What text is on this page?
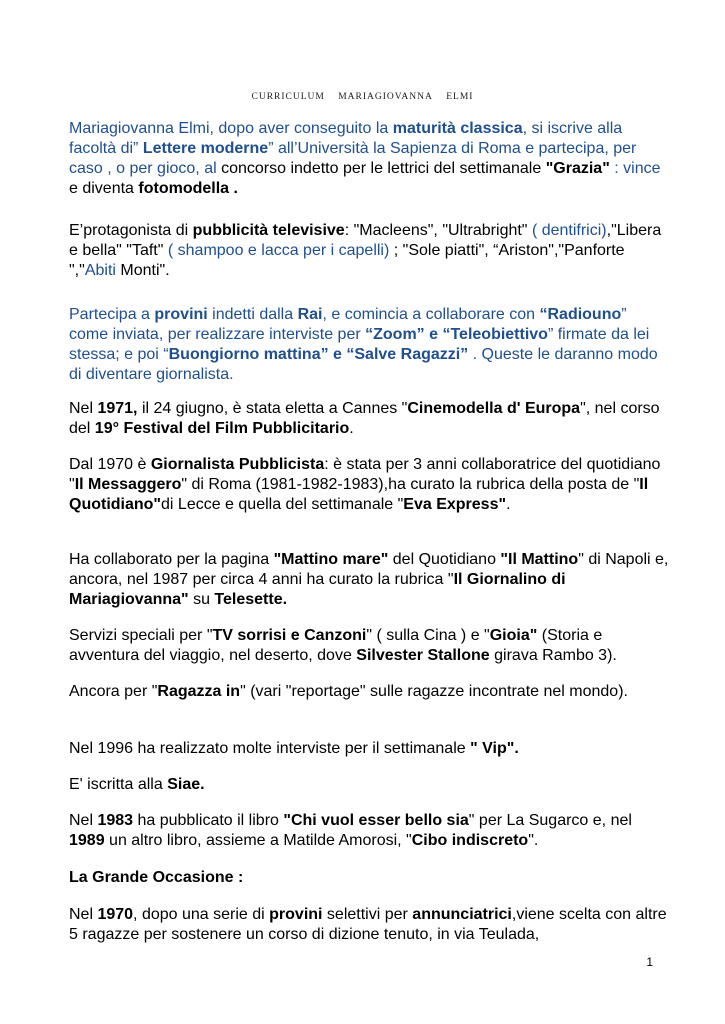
CURRICULUM MARIAGIOVANNA ELMI

Mariagiovanna Elmi, dopo aver conseguito la maturità classica, si iscrive alla facoltà di” Lettere moderne” all’Università la Sapienza di Roma e partecipa, per caso , o per gioco, al concorso indetto per le lettrici del settimanale "Grazia" : vince e diventa fotomodella .

E’protagonista di pubblicità televisive: "Macleens", "Ultrabright" ( dentifrici),"Libera e bella" "Taft" ( shampoo e lacca per i capelli) ; "Sole piatti", “Ariston","Panforte ","Abiti Monti".

Partecipa a provini indetti dalla Rai, e comincia a collaborare con “Radiouno” come inviata, per realizzare interviste per “Zoom” e “Teleobiettivo” firmate da lei stessa; e poi “Buongiorno mattina” e “Salve Ragazzi” . Queste le daranno modo di diventare giornalista.

Nel 1971, il 24 giugno, è stata eletta a Cannes "Cinemodella d' Europa", nel corso del 19° Festival del Film Pubblicitario.

Dal 1970 è Giornalista Pubblicista: è stata per 3 anni collaboratrice del quotidiano "Il Messaggero" di Roma (1981-1982-1983),ha curato la rubrica della posta de "Il Quotidiano"di Lecce e quella del settimanale "Eva Express".

Ha collaborato per la pagina "Mattino mare" del Quotidiano "Il Mattino" di Napoli e, ancora, nel 1987 per circa 4 anni ha curato la rubrica "Il Giornalino di Mariagiovanna" su Telesette.

Servizi speciali per "TV sorrisi e Canzoni" ( sulla Cina ) e "Gioia" (Storia e avventura del viaggio, nel deserto, dove Silvester Stallone girava Rambo 3).

Ancora per "Ragazza in" (vari "reportage" sulle ragazze incontrate nel mondo).

Nel 1996 ha realizzato molte interviste per il settimanale " Vip".

E' iscritta alla Siae.

Nel 1983 ha pubblicato il libro "Chi vuol esser bello sia" per La Sugarco e, nel 1989 un altro libro, assieme a Matilde Amorosi, "Cibo indiscreto".

La Grande Occasione :

Nel 1970, dopo una serie di provini selettivi per annunciatrici,viene scelta con altre 5 ragazze per sostenere un corso di dizione tenuto, in via Teulada,

1
